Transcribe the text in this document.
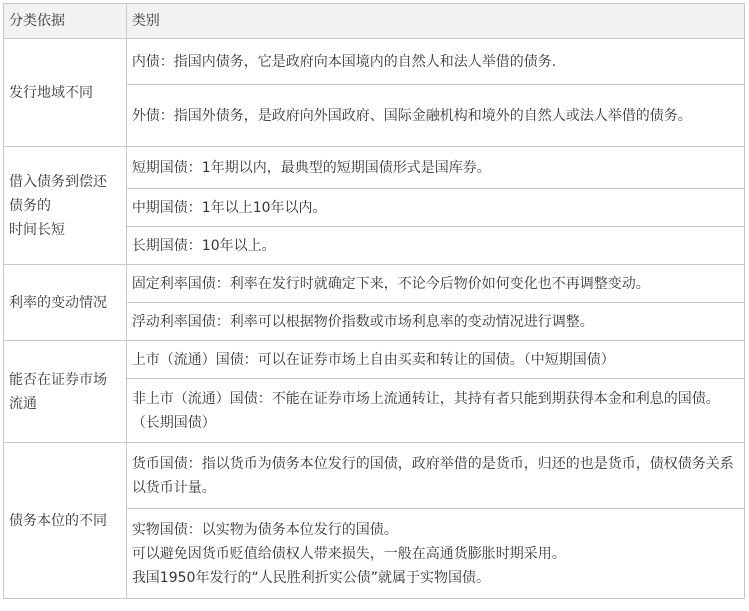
分类依据	类别
发行地域不同	内债：指国内债务，它是政府向本国境内的自然人和法人举借的债务.
	外债：指国外债务，是政府向外国政府、国际金融机构和境外的自然人或法人举借的债务。

借入债务到偿还
债务的
时间长短	短期国债：1年期以内，最典型的短期国债形式是国库券。
	中期国债：1年以上10年以内。
	长期国债：10年以上。
利率的变动情况	固定利率国债：利率在发行时就确定下来，不论今后物价如何变化也不再调整变动。
	浮动利率国债：利率可以根据物价指数或市场利息率的变动情况进行调整。

能否在证券市场
流通	上市（流通）国债：可以在证券市场上自由买卖和转让的国债。（中短期国债）
	非上市（流通）国债：不能在证券市场上流通转让，其持有者只能到期获得本金和利息的国债。（长期国债）
债务本位的不同	货币国债：指以货币为债务本位发行的国债，政府举借的是货币，归还的也是货币，债权债务关系以货币计量。

	实物国债：以实物为债务本位发行的国债。
可以避免因货币贬值给债权人带来损失，一般在高通货膨胀时期采用。
我国1950年发行的“人民胜利折实公债”就属于实物国债。
